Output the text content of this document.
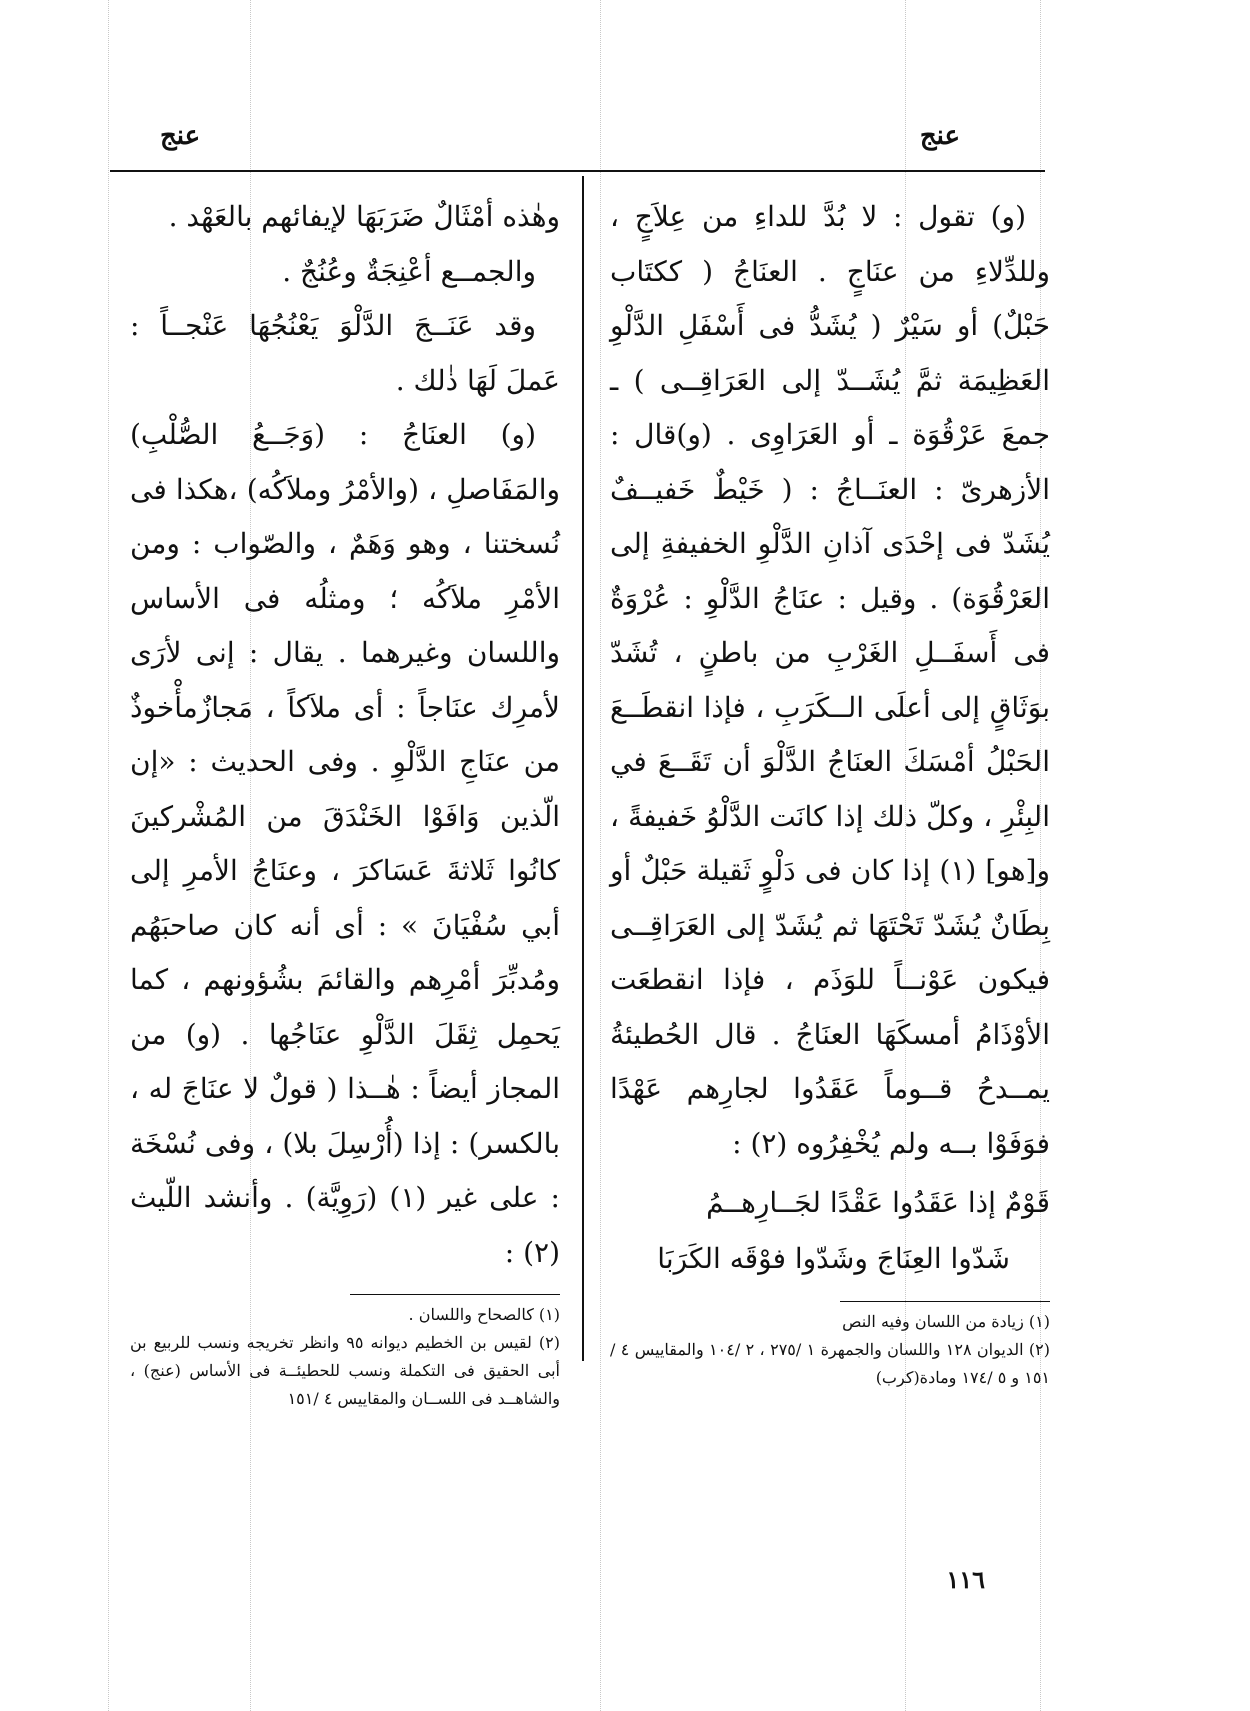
عنج
عنج

(و) تقول : لا بُدَّ للداءِ من عِلاَجٍ ، وللدِّلاءِ من عنَاجٍ . العنَاجُ ( ككتَاب حَبْلٌ) أو سَيْرٌ ( يُشَدُّ فى أَسْفَلِ الدَّلْوِ العَظِيمَة ثمَّ يُشَــدّ إلى العَرَاقِــى ) ـ جمعَ عَرْقُوَة ـ أو العَرَاوِى . (و)قال : الأزهرىّ : العنَــاجُ : ( خَيْطٌ خَفيــفٌ يُشَدّ فى إحْدَى آذانِ الدَّلْوِ الخفيفةِ إلى العَرْقُوَة) . وقيل : عنَاجُ الدَّلْوِ : عُرْوَةٌ فى أَسفَــلِ الغَرْبِ من باطنٍ ، تُشَدّ بوَثَاقٍ إلى أعلَى الــكَرَبِ ، فإذا انقطَــعَ الحَبْلُ أمْسَكَ العنَاجُ الدَّلْوَ أن تَقَــعَ في البِئْرِ ، وكلّ ذلك إذا كانَت الدَّلْوُ خَفيفةً ، و[هو] (١) إذا كان فى دَلْوٍ ثَقيلة حَبْلٌ أو بِطَانٌ يُشَدّ تَحْتَهَا ثم يُشَدّ إلى العَرَاقِــى فيكون عَوْنــاً للوَذَم ، فإذا انقطعَت الأوْذَامُ أمسكَهَا العنَاجُ . قال الحُطيئةُ يمــدحُ قــوماً عَقَدُوا لجارِهم عَهْدًا فوَفَوْا بــه ولم يُخْفِرُوه (٢) :

قَوْمٌ إذا عَقَدُوا عَقْدًا لجَــارِهــمُ
شَدّوا العِنَاجَ وشَدّوا فوْقَه الكَرَبَا

(١) زيادة من اللسان وفيه النص

(٢) الديوان ١٢٨ واللسان والجمهرة ١ /٢٧٥ ، ٢ /١٠٤ والمقاييس ٤ /١٥١ و ٥ /١٧٤ ومادة(كرب)

وهٰذه أمْثَالٌ ضَرَبَهَا لإيفائهم بالعَهْد .

والجمــع أعْنِجَةٌ وعُنُجٌ .

وقد عَنَــجَ الدَّلْوَ يَعْنُجُهَا عَنْجــاً : عَملَ لَهَا ذٰلك .

(و) العنَاجُ : (وَجَــعُ الصُّلْبِ) والمَفَاصلِ ، (والأمْرُ وملاَكُه) ،هكذا فى نُسختنا ، وهو وَهَمٌ ، والصّواب : ومن الأمْرِ ملاَكُه ؛ ومثلُه فى الأساس واللسان وغيرهما . يقال : إنى لأرَى لأمرِك عنَاجاً : أى ملاَكاً ، مَجازٌمأْخوذٌ من عنَاجِ الدَّلْوِ . وفى الحديث : «إن الّذين وَافَوْا الخَنْدَقَ من المُشْركينَ كانُوا ثَلاثةَ عَسَاكرَ ، وعنَاجُ الأمرِ إلى أبي سُفْيَانَ » : أى أنه كان صاحبَهُم ومُدبِّرَ أمْرِهم والقائمَ بشُؤونهم ، كما يَحمِل ثِقَلَ الدَّلْوِ عنَاجُها . (و) من المجاز أيضاً : هٰــذا ( قولٌ لا عنَاجَ له ، بالكسر) : إذا (أُرْسِلَ بلا) ، وفى نُسْخَة : على غير (١) (رَوِيَّة) . وأنشد اللّيث (٢) :

(١) كالصحاح واللسان .

(٢) لقيس بن الخطيم ديوانه ٩٥ وانظر تخريجه ونسب للربيع بن أبى الحقيق فى التكملة ونسب للحطيئــة فى الأساس (عنج) ، والشاهــد فى اللســان والمقاييس ٤ /١٥١

١١٦
